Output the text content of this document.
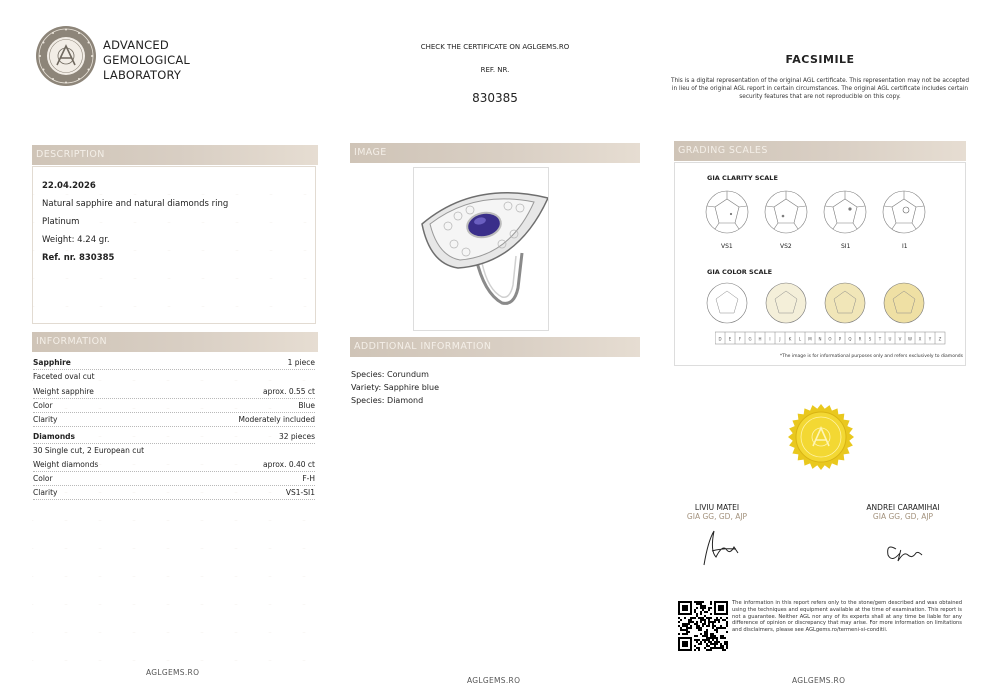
ADVANCED
GEMOLOGICAL
LABORATORY
CHECK THE CERTIFICATE ON AGLGEMS.RO
REF. NR.
830385
FACSIMILE
This is a digital representation of the original AGL certificate. This representation may not be accepted in lieu of the original AGL report in certain circumstances. The original AGL certificate includes certain security features that are not reproducible on this copy.
DESCRIPTION
22.04.2026
Natural sapphire and natural diamonds ring
Platinum
Weight: 4.24 gr.
Ref. nr. 830385
INFORMATION
Sapphire	1 piece
Faceted oval cut
Weight sapphire	aprox. 0.55 ct
Color	Blue
Clarity	Moderately included
Diamonds	32 pieces
30 Single cut, 2 European cut
Weight diamonds	aprox. 0.40 ct
Color	F-H
Clarity	VS1-SI1
IMAGE
ADDITIONAL INFORMATION
Species: Corundum
Variety: Sapphire blue
Species: Diamond
GRADING SCALES
GIA CLARITY SCALE
VS1	VS2	SI1	I1
GIA COLOR SCALE
D E F G H I J K L M N O P Q R S T U V W X Y Z
*The image is for informational purposes only and refers exclusively to diamonds
LIVIU MATEI
GIA GG, GD, AJP
ANDREI CARAMIHAI
GIA GG, GD, AJP
The information in this report refers only to the stone/gem described and was obtained using the techniques and equipment available at the time of examination. This report is not a guarantee. Neither AGL nor any of its experts shall at any time be liable for any difference of opinion or discrepancy that may arise. For more information on limitations and disclaimers, please see AGLgems.ro/termeni-si-conditii.
AGLGEMS.RO
AGLGEMS.RO	AGLGEMS.RO
